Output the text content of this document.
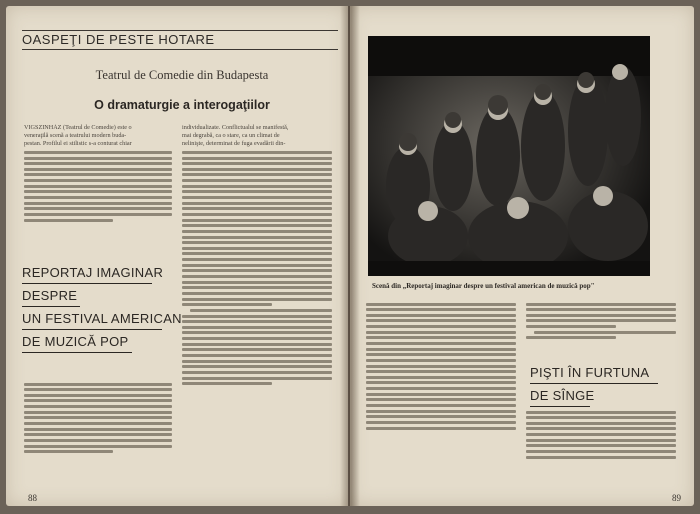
OASPEŢI DE PESTE HOTARE
Teatrul de Comedie din Budapesta
O dramaturgie a interogaţiilor
VIGSZINHÁZ (Teatrul de Comedie) este o
veneraţilă scenă a teatrului modern buda-
pestan. Profilul ei stilistic s-a conturat chiar
REPORTAJ IMAGINAR
DESPRE
UN FESTIVAL AMERICAN
DE MUZICĂ POP
individualizate. Conflictualul se manifestă,
mai degrabă, ca o stare, ca un climat de
nelinişte, determinat de fuga evadării din-
88
Scenă din „Reportaj imaginar despre un festival american de muzică pop"
PIŞTI ÎN FURTUNA
DE SÎNGE
89
